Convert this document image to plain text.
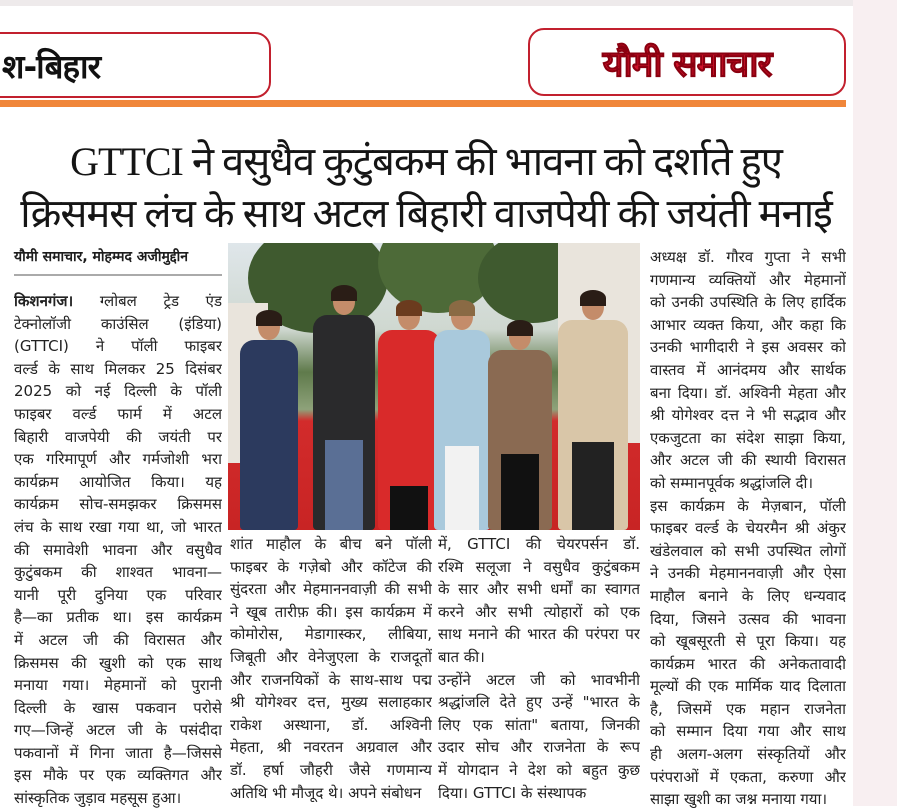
श-बिहार	यौमी समाचार
GTTCI ने वसुधैव कुटुंबकम की भावना को दर्शाते हुए
क्रिसमस लंच के साथ अटल बिहारी वाजपेयी की जयंती मनाई
यौमी समाचार, मोहम्मद अजीमुद्दीन
किशनगंज। ग्लोबल ट्रेड एंड
टेक्नोलॉजी काउंसिल (इंडिया)
(GTTCI) ने पॉली फाइबर
वर्ल्ड के साथ मिलकर 25 दिसंबर
2025 को नई दिल्ली के पॉली
फाइबर वर्ल्ड फार्म में अटल
बिहारी वाजपेयी की जयंती पर
एक गरिमापूर्ण और गर्मजोशी भरा
कार्यक्रम आयोजित किया। यह
कार्यक्रम सोच-समझकर क्रिसमस
लंच के साथ रखा गया था, जो भारत
की समावेशी भावना और वसुधैव
कुटुंबकम की शाश्वत भावना—
यानी पूरी दुनिया एक परिवार
है—का प्रतीक था। इस कार्यक्रम
में अटल जी की विरासत और
क्रिसमस की खुशी को एक साथ
मनाया गया। मेहमानों को पुरानी
दिल्ली के खास पकवान परोसे
गए—जिन्हें अटल जी के पसंदीदा
पकवानों में गिना जाता है—जिससे
इस मौके पर एक व्यक्तिगत और
सांस्कृतिक जुड़ाव महसूस हुआ।
शांत माहौल के बीच बने पॉली
फाइबर के गज़ेबो और कॉटेज की
सुंदरता और मेहमाननवाज़ी की सभी
ने खूब तारीफ़ की। इस कार्यक्रम में
कोमोरोस, मेडागास्कर, लीबिया,
जिबूती और वेनेजुएला के राजदूतों
और राजनयिकों के साथ-साथ पद्म
श्री योगेश्वर दत्त, मुख्य सलाहकार
राकेश अस्थाना, डॉ. अश्विनी
मेहता, श्री नवरतन अग्रवाल और
डॉ. हर्षा जौहरी जैसे गणमान्य
अतिथि भी मौजूद थे। अपने संबोधन
में, GTTCI की चेयरपर्सन डॉ.
रश्मि सलूजा ने वसुधैव कुटुंबकम
के सार और सभी धर्मों का स्वागत
करने और सभी त्योहारों को एक
साथ मनाने की भारत की परंपरा पर
बात की।
उन्होंने अटल जी को भावभीनी
श्रद्धांजलि देते हुए उन्हें "भारत के
लिए एक सांता" बताया, जिनकी
उदार सोच और राजनेता के रूप
में योगदान ने देश को बहुत कुछ
दिया। GTTCI के संस्थापक
अध्यक्ष डॉ. गौरव गुप्ता ने सभी
गणमान्य व्यक्तियों और मेहमानों
को उनकी उपस्थिति के लिए हार्दिक
आभार व्यक्त किया, और कहा कि
उनकी भागीदारी ने इस अवसर को
वास्तव में आनंदमय और सार्थक
बना दिया। डॉ. अश्विनी मेहता और
श्री योगेश्वर दत्त ने भी सद्भाव और
एकजुटता का संदेश साझा किया,
और अटल जी की स्थायी विरासत
को सम्मानपूर्वक श्रद्धांजलि दी।
इस कार्यक्रम के मेज़बान, पॉली
फाइबर वर्ल्ड के चेयरमैन श्री अंकुर
खंडेलवाल को सभी उपस्थित लोगों
ने उनकी मेहमाननवाज़ी और ऐसा
माहौल बनाने के लिए धन्यवाद
दिया, जिसने उत्सव की भावना
को खूबसूरती से पूरा किया। यह
कार्यक्रम भारत की अनेकतावादी
मूल्यों की एक मार्मिक याद दिलाता
है, जिसमें एक महान राजनेता
को सम्मान दिया गया और साथ
ही अलग-अलग संस्कृतियों और
परंपराओं में एकता, करुणा और
साझा खुशी का जश्न मनाया गया।
